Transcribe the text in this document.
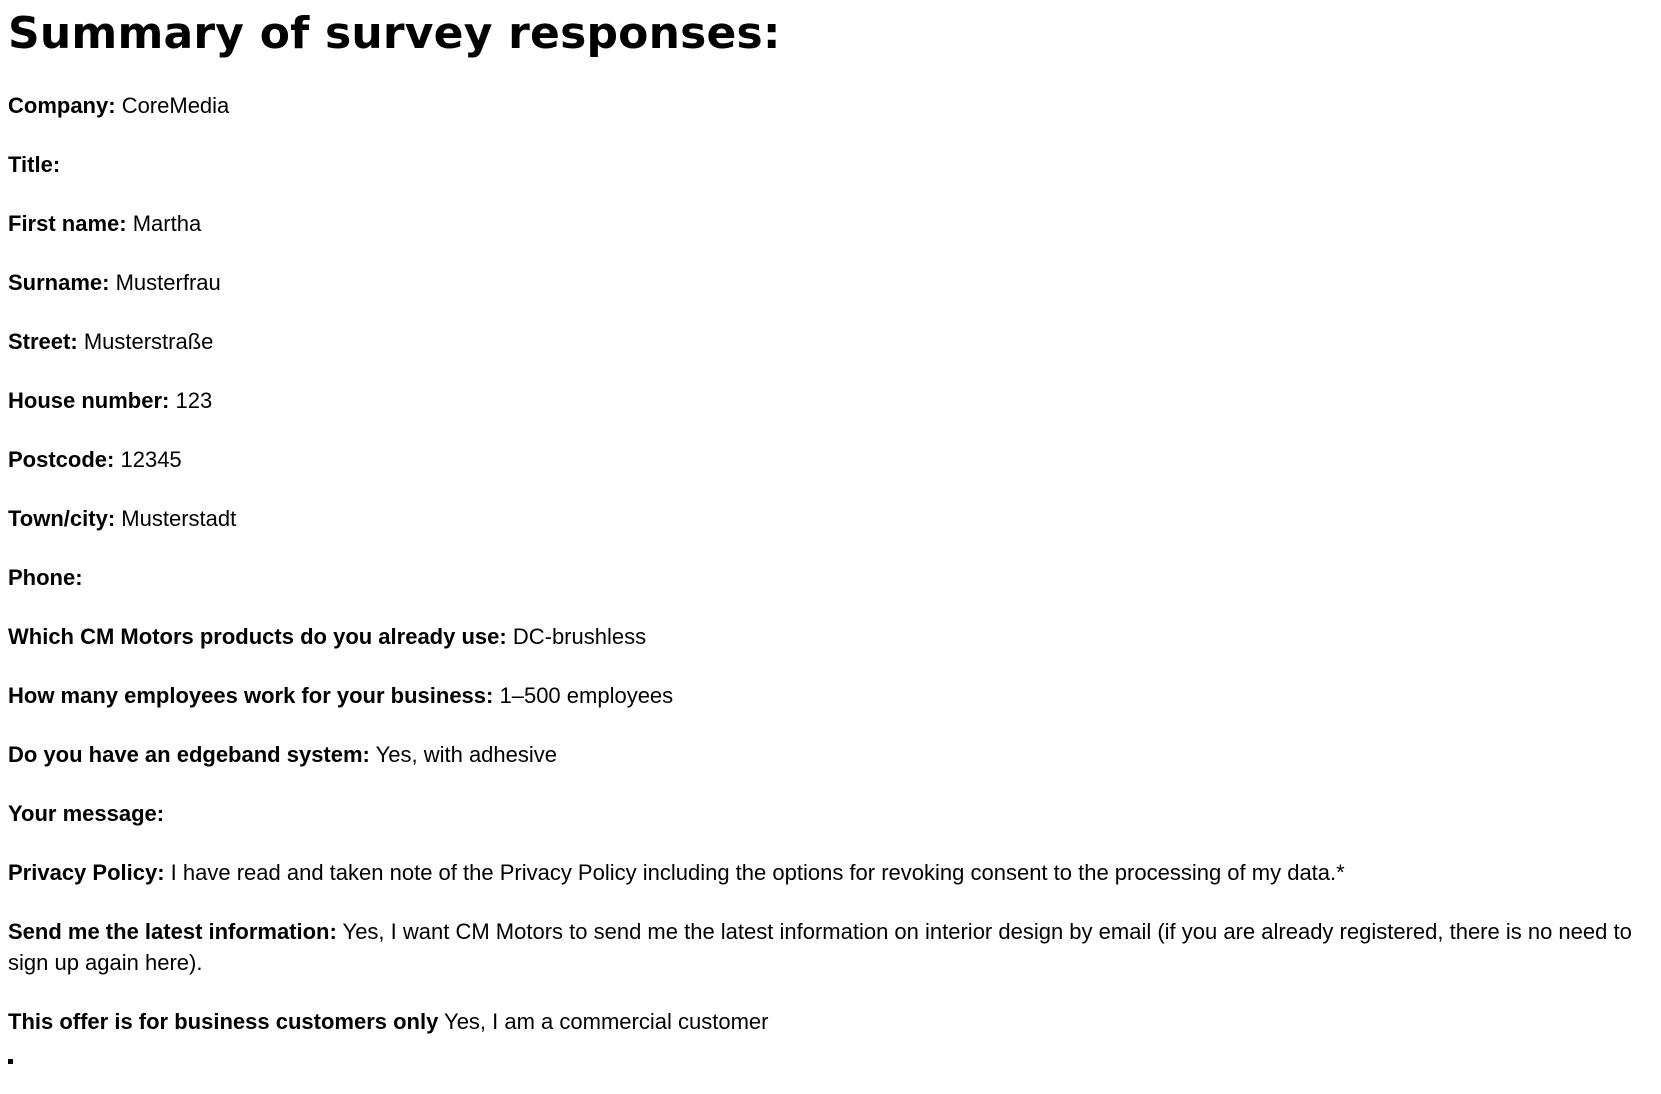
Summary of survey responses:
Company: CoreMedia
Title:
First name: Martha
Surname: Musterfrau
Street: Musterstraße
House number: 123
Postcode: 12345
Town/city: Musterstadt
Phone:
Which CM Motors products do you already use: DC-brushless
How many employees work for your business: 1–500 employees
Do you have an edgeband system: Yes, with adhesive
Your message:
Privacy Policy: I have read and taken note of the Privacy Policy including the options for revoking consent to the processing of my data.*
Send me the latest information: Yes, I want CM Motors to send me the latest information on interior design by email (if you are already registered, there is no need to sign up again here).
This offer is for business customers only Yes, I am a commercial customer
